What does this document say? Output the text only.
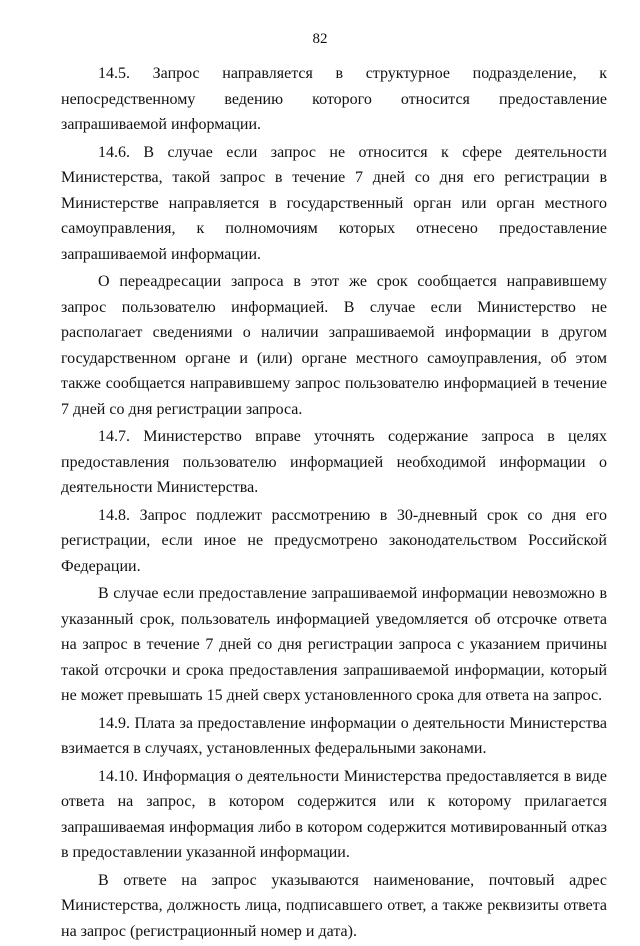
82

14.5. Запрос направляется в структурное подразделение, к непосредственному ведению которого относится предоставление запрашиваемой информации.

14.6. В случае если запрос не относится к сфере деятельности Министерства, такой запрос в течение 7 дней со дня его регистрации в Министерстве направляется в государственный орган или орган местного самоуправления, к полномочиям которых отнесено предоставление запрашиваемой информации.

О переадресации запроса в этот же срок сообщается направившему запрос пользователю информацией. В случае если Министерство не располагает сведениями о наличии запрашиваемой информации в другом государственном органе и (или) органе местного самоуправления, об этом также сообщается направившему запрос пользователю информацией в течение 7 дней со дня регистрации запроса.

14.7. Министерство вправе уточнять содержание запроса в целях предоставления пользователю информацией необходимой информации о деятельности Министерства.

14.8. Запрос подлежит рассмотрению в 30-дневный срок со дня его регистрации, если иное не предусмотрено законодательством Российской Федерации.

В случае если предоставление запрашиваемой информации невозможно в указанный срок, пользователь информацией уведомляется об отсрочке ответа на запрос в течение 7 дней со дня регистрации запроса с указанием причины такой отсрочки и срока предоставления запрашиваемой информации, который не может превышать 15 дней сверх установленного срока для ответа на запрос.

14.9. Плата за предоставление информации о деятельности Министерства взимается в случаях, установленных федеральными законами.

14.10. Информация о деятельности Министерства предоставляется в виде ответа на запрос, в котором содержится или к которому прилагается запрашиваемая информация либо в котором содержится мотивированный отказ в предоставлении указанной информации.

В ответе на запрос указываются наименование, почтовый адрес Министерства, должность лица, подписавшего ответ, а также реквизиты ответа на запрос (регистрационный номер и дата).
